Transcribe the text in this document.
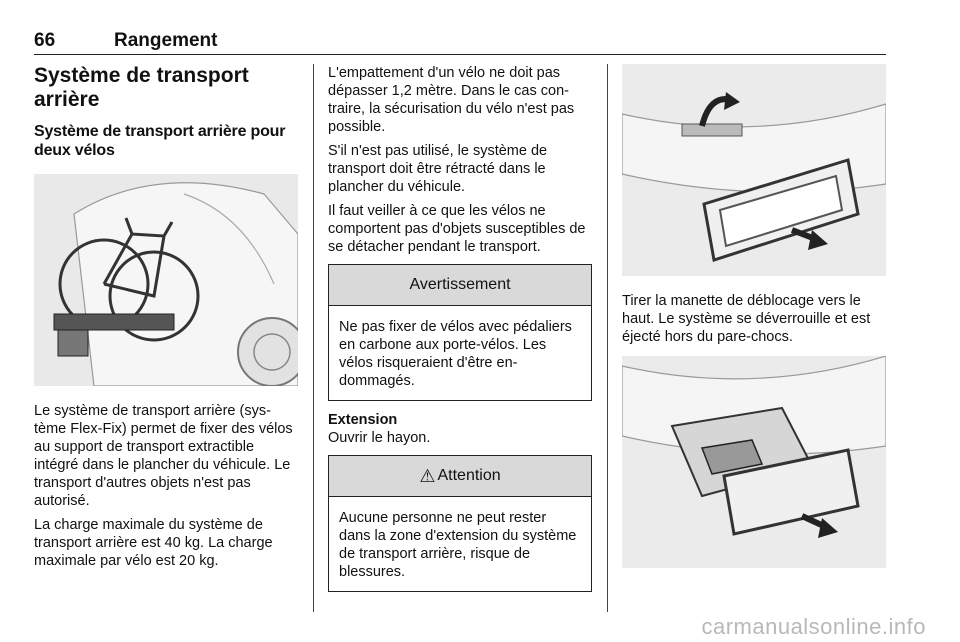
66	Rangement
Système de transport arrière
Système de transport arrière pour deux vélos

Le système de transport arrière (système Flex-Fix) permet de fixer des vélos au support de transport extractible intégré dans le plancher du véhicule. Le transport d'autres objets n'est pas autorisé.

La charge maximale du système de transport arrière est 40 kg. La charge maximale par vélo est 20 kg.

L'empattement d'un vélo ne doit pas dépasser 1,2 mètre. Dans le cas contraire, la sécurisation du vélo n'est pas possible.

S'il n'est pas utilisé, le système de transport doit être rétracté dans le plancher du véhicule.

Il faut veiller à ce que les vélos ne comportent pas d'objets susceptibles de se détacher pendant le transport.

Avertissement

Ne pas fixer de vélos avec pédaliers en carbone aux porte-vélos. Les vélos risqueraient d'être endommagés.

Extension

Ouvrir le hayon.

⚠ Attention

Aucune personne ne peut rester dans la zone d'extension du système de transport arrière, risque de blessures.

Tirer la manette de déblocage vers le haut. Le système se déverrouille et est éjecté hors du pare-chocs.

carmanualsonline.info
